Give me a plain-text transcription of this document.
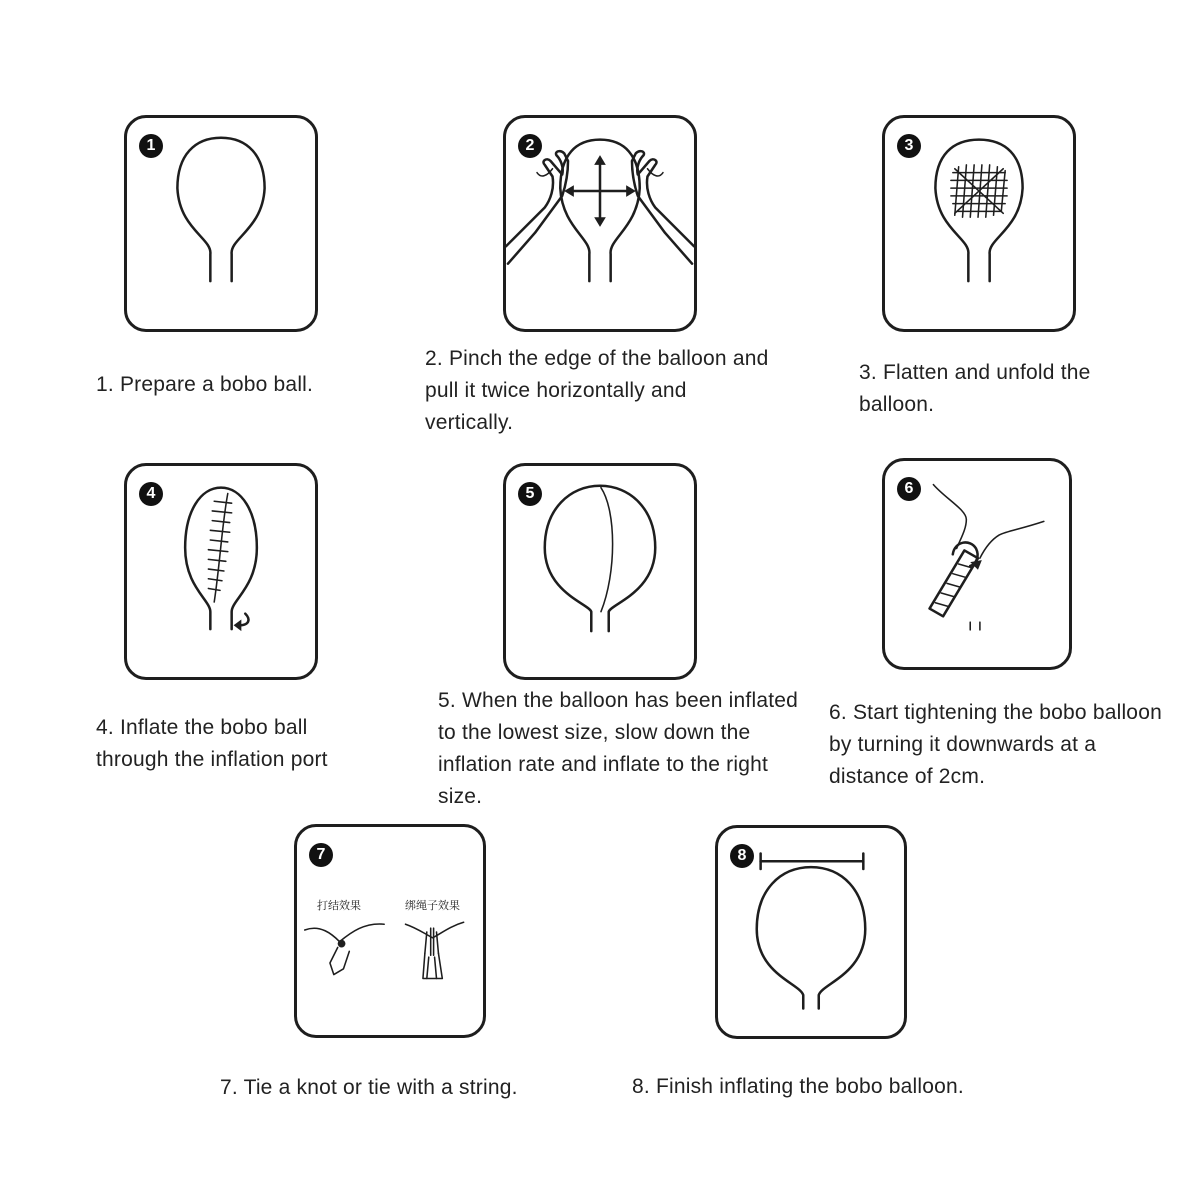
1	2	3
1. Prepare a bobo ball.
2. Pinch the edge of the balloon and pull it twice horizontally and vertically.
3. Flatten and unfold the balloon.
4	5	6
4. Inflate the bobo ball through the inflation port
5. When the balloon has been inflated to the lowest size, slow down the inflation rate and inflate to the right size.
6. Start tightening the bobo balloon by turning it downwards at a distance of 2cm.
7
打结效果	绑绳子效果
8
7. Tie a knot or tie with a string.	8. Finish inflating the bobo balloon.
